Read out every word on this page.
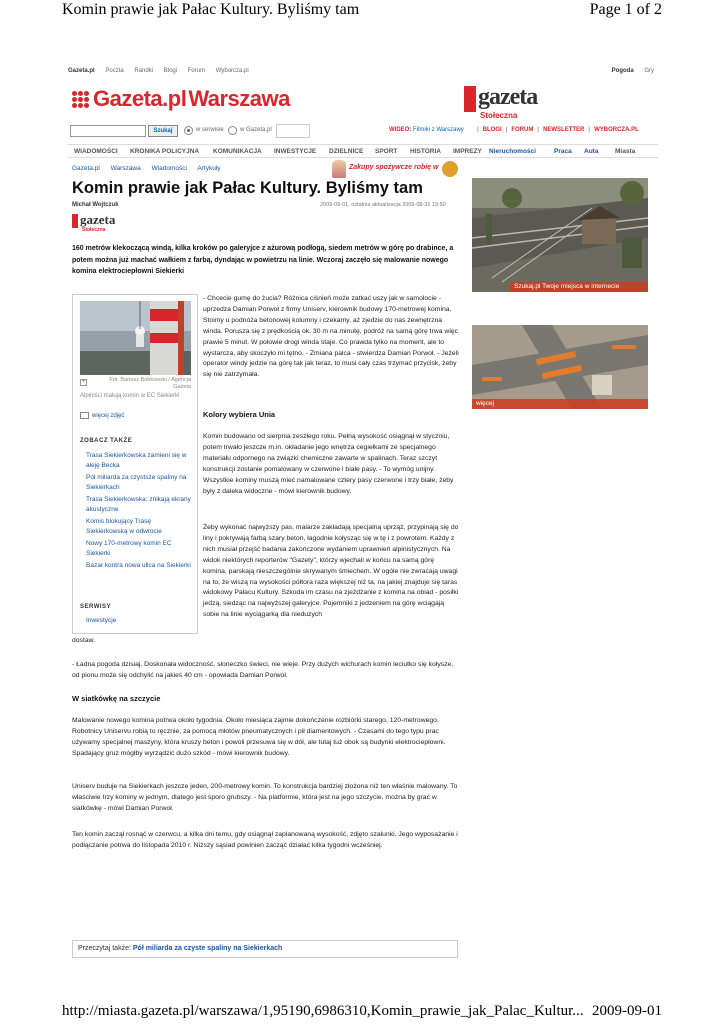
Komin prawie jak Pałac Kultury. Byliśmy tam	Page 1 of 2
http://miasta.gazeta.pl/warszawa/1,95190,6986310,Komin_prawie_jak_Palac_Kultur... 2009-09-01
Gazeta.pl Poczta Randki Blogi Forum Wyborcza.pl	Pogoda Gry
Gazeta.pl Warszawa	gazeta
Stołeczna
Szukaj	w serwisie	w Gazeta.pl	WIDEO: Filmiki z Warszawy | BLOGI | FORUM | NEWSLETTER | WYBORCZA.PL
WIADOMOŚCI KRONIKA POLICYJNA KOMUNIKACJA INWESTYCJE DZIELNICE SPORT HISTORIA IMPREZY Nieruchomości	Praca Auta	Miasta
Gazeta.pl Warszawa Wiadomości Artykuły	Zakupy spożywcze robię w
Komin prawie jak Pałac Kultury. Byliśmy tam
Michał Wojtczuk	2009-09-01, ostatnia aktualizacja 2009-08-31 19:50
gazeta
Stołeczna
160 metrów klekoczącą windą, kilka kroków po galeryjce z ażurową podłogą, siedem metrów w górę po drabince, a potem można już machać wałkiem z farbą, dyndając w powietrzu na linie. Wczoraj zaczęło się malowanie nowego komina elektrociepłowni Siekierki
Szukaj.pl Twoje miejsca w internecie
więcej
+	Fot. Bartosz Bobkowski / Agencja Gazeta
Alpiniści malują komin w EC Siekierki
więcej zdjęć
ZOBACZ TAKŻE
Trasa Siekierkowska zamieni się w aleję Becka
Pół miliarda za czystsze spaliny na Siekierkach
Trasa Siekierkowska: znikają ekrany akustyczne
Komis blokujący Trasę Siekierkowską w odwrocie
Nowy 170-metrowy komin EC Siekierki
Bazar kontra nowa ulica na Siekierki
SERWISY
Inwestycje
- Chcecie gumę do żucia? Różnica ciśnień może zatkać uszy jak w samolocie - uprzedza Damian Porwoł z firmy Uniserv, kierownik budowy 170-metrowej komina. Stoimy u podnóża betonowej kolumny i czekamy, aż zjedzie do nas zewnętrzna winda. Porusza się z prędkością ok. 30 m na minutę, podróż na samą górę trwa więc prawie 5 minut. W połowie drogi winda staje. Co prawda tylko na moment, ale to wystarcza, aby skoczyło mi tętno. - Zmiana palca - stwierdza Damian Porwoł. - Jeżeli operator windy jedzie na górę tak jak teraz, to musi cały czas trzymać przycisk, żeby się nie zatrzymała.
Kolory wybiera Unia
Komin budowano od sierpnia zeszłego roku. Pełną wysokość osiągnął w styczniu, potem trwało jeszcze m.in. okładanie jego wnętrza cegiełkami ze specjalnego materiału odpornego na związki chemiczne zawarte w spalinach. Teraz szczyt konstrukcji zostanie pomalowany w czerwone i białe pasy. - To wymóg unijny. Wszystkie kominy muszą mieć namalowane cztery pasy czerwone i trzy białe, żeby były z daleka widoczne - mówi kierownik budowy.
Żeby wykonać najwyższy pas, malarze zakładają specjalną uprząż, przypinają się do liny i pokrywają farbą szary beton, łagodnie kołysząc się w tę i z powrotem. Każdy z nich musiał przejść badania zakończone wydaniem uprawnień alpinistycznych. Na widok niektórych reporterów "Gazety", którzy wjechali w końcu na samą górę komina, parskają nieszczególnie skrywanym śmiechem. W ogóle nie zwracają uwagi na to, że wiszą na wysokości półtora raza większej niż ta, na jakiej znajduje się taras widokowy Pałacu Kultury. Szkoda im czasu na zjeżdżanie z komina na obiad - posiłki jedzą, siedząc na najwyższej galeryjce. Pojemniki z jedzeniem na górę wciągają sobie na linie wyciągarką dla nieduzych
dostaw.
- Ładna pogoda dzisiaj. Doskonała widoczność, słoneczko świeci, nie wieje. Przy dużych wichurach komin leciutko się kołysze, od pionu może się odchylić na jakieś 40 cm - opowiada Damian Porwoł.
W siatkówkę na szczycie
Malowanie nowego komina potrwa około tygodnia. Około miesiąca zajmie dokończenie rozbiórki starego, 120-metrowego. Robotnicy Uniservu robią to ręcznie, za pomocą młotów pneumatycznych i pił diamentowych. - Czasami do tego typu prac używamy specjalnej maszyny, która kruszy beton i powoli przesuwa się w dół, ale tutaj tuż obok są budynki elektrociepłowni. Spadający gruz mógłby wyrządzić dużo szkód - mówi kierownik budowy.
Uniserv buduje na Siekierkach jeszcze jeden, 200-metrowy komin. To konstrukcja bardziej złożona niż ten właśnie malowany. To właściwie trzy kominy w jednym, dlatego jest sporo grubszy. - Na platformie, która jest na jego szczycie, można by grać w siatkówkę - mówi Damian Porwoł.
Ten komin zaczął rosnąć w czerwcu, a kilka dni temu, gdy osiągnął zaplanowaną wysokość, zdjęto szalunki. Jego wyposażanie i podłączanie potrwa do listopada 2010 r. Niższy sąsiad powinien zacząć działać kilka tygodni wcześniej.
Przeczytaj także: Pół miliarda za czyste spaliny na Siekierkach
